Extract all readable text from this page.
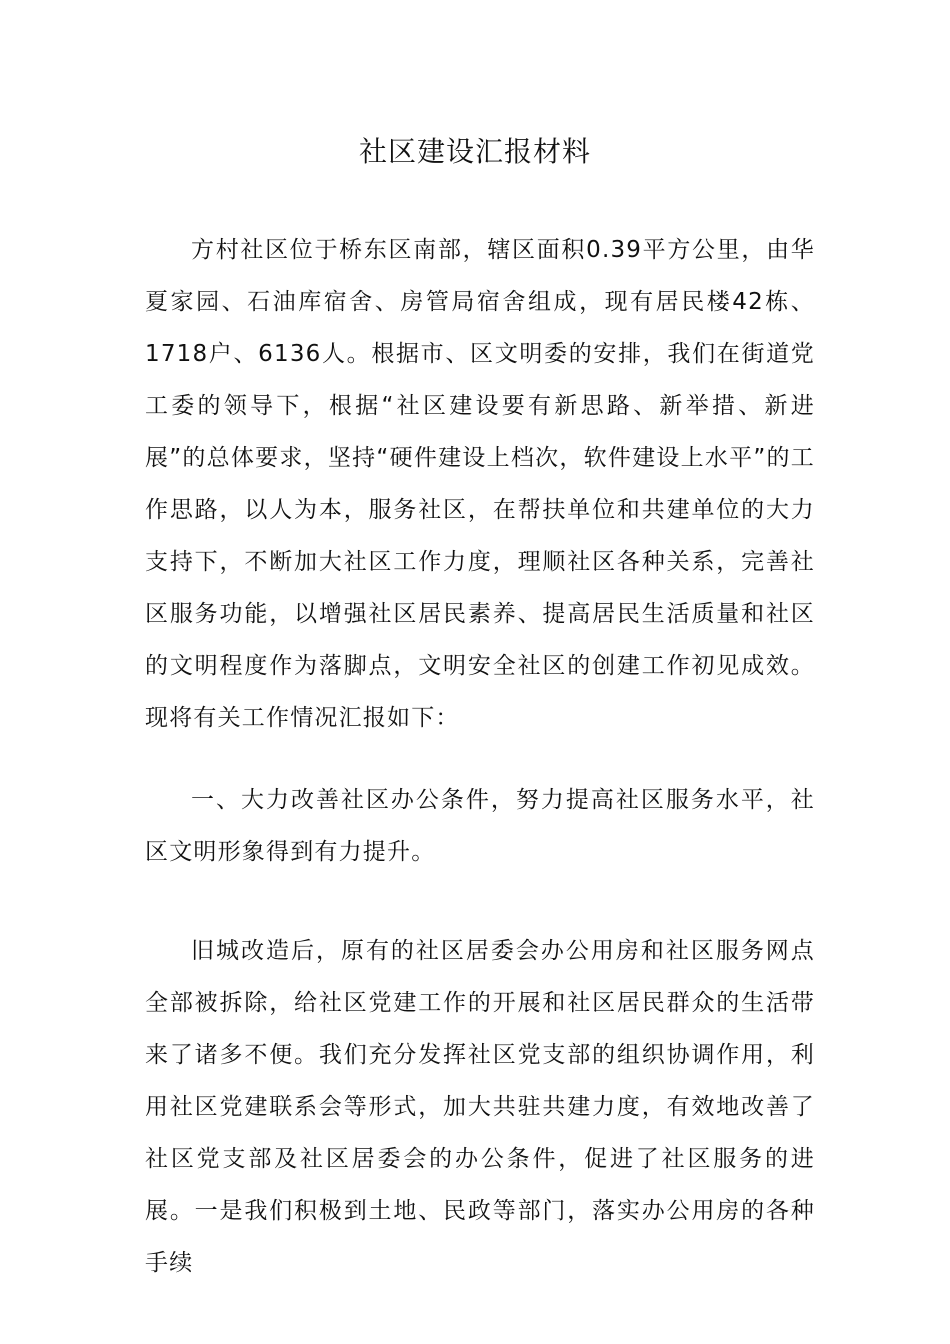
社区建设汇报材料

方村社区位于桥东区南部，辖区面积0.39平方公里，由华夏家园、石油库宿舍、房管局宿舍组成，现有居民楼42栋、1718户、6136人。根据市、区文明委的安排，我们在街道党工委的领导下，根据“社区建设要有新思路、新举措、新进展”的总体要求，坚持“硬件建设上档次，软件建设上水平”的工作思路，以人为本，服务社区，在帮扶单位和共建单位的大力支持下，不断加大社区工作力度，理顺社区各种关系，完善社区服务功能，以增强社区居民素养、提高居民生活质量和社区的文明程度作为落脚点，文明安全社区的创建工作初见成效。现将有关工作情况汇报如下：

一、大力改善社区办公条件，努力提高社区服务水平，社区文明形象得到有力提升。

旧城改造后，原有的社区居委会办公用房和社区服务网点全部被拆除，给社区党建工作的开展和社区居民群众的生活带来了诸多不便。我们充分发挥社区党支部的组织协调作用，利用社区党建联系会等形式，加大共驻共建力度，有效地改善了社区党支部及社区居委会的办公条件，促进了社区服务的进展。一是我们积极到土地、民政等部门，落实办公用房的各种手续
